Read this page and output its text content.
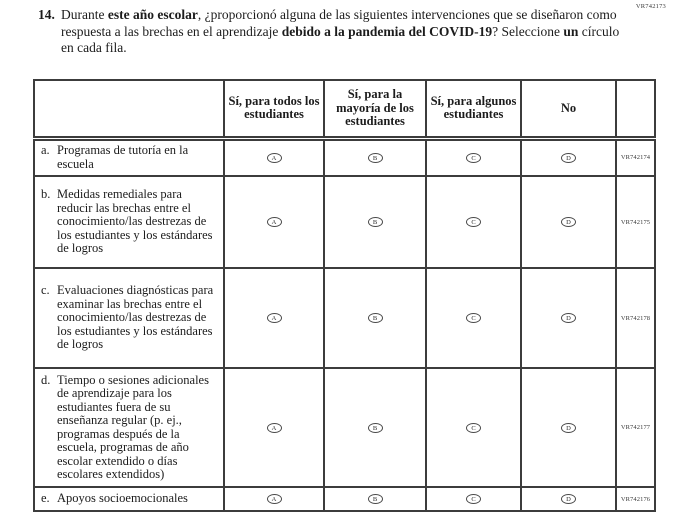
VR742173
14. Durante este año escolar, ¿proporcionó alguna de las siguientes intervenciones que se diseñaron como respuesta a las brechas en el aprendizaje debido a la pandemia del COVID-19? Seleccione un círculo en cada fila.
	Sí, para todos los estudiantes	Sí, para la mayoría de los estudiantes	Sí, para algunos estudiantes	No	

a. Programas de tutoría en la escuela	A	B	C	D	VR742174

b. Medidas remediales para reducir las brechas entre el conocimiento/las destrezas de los estudiantes y los estándares de logros	A	B	C	D	VR742175

c. Evaluaciones diagnósticas para examinar las brechas entre el conocimiento/las destrezas de los estudiantes y los estándares de logros	A	B	C	D	VR742178

d. Tiempo o sesiones adicionales de aprendizaje para los estudiantes fuera de su enseñanza regular (p. ej., programas después de la escuela, programas de año escolar extendido o días escolares extendidos)	A	B	C	D	VR742177

e. Apoyos socioemocionales	A	B	C	D	VR742176
